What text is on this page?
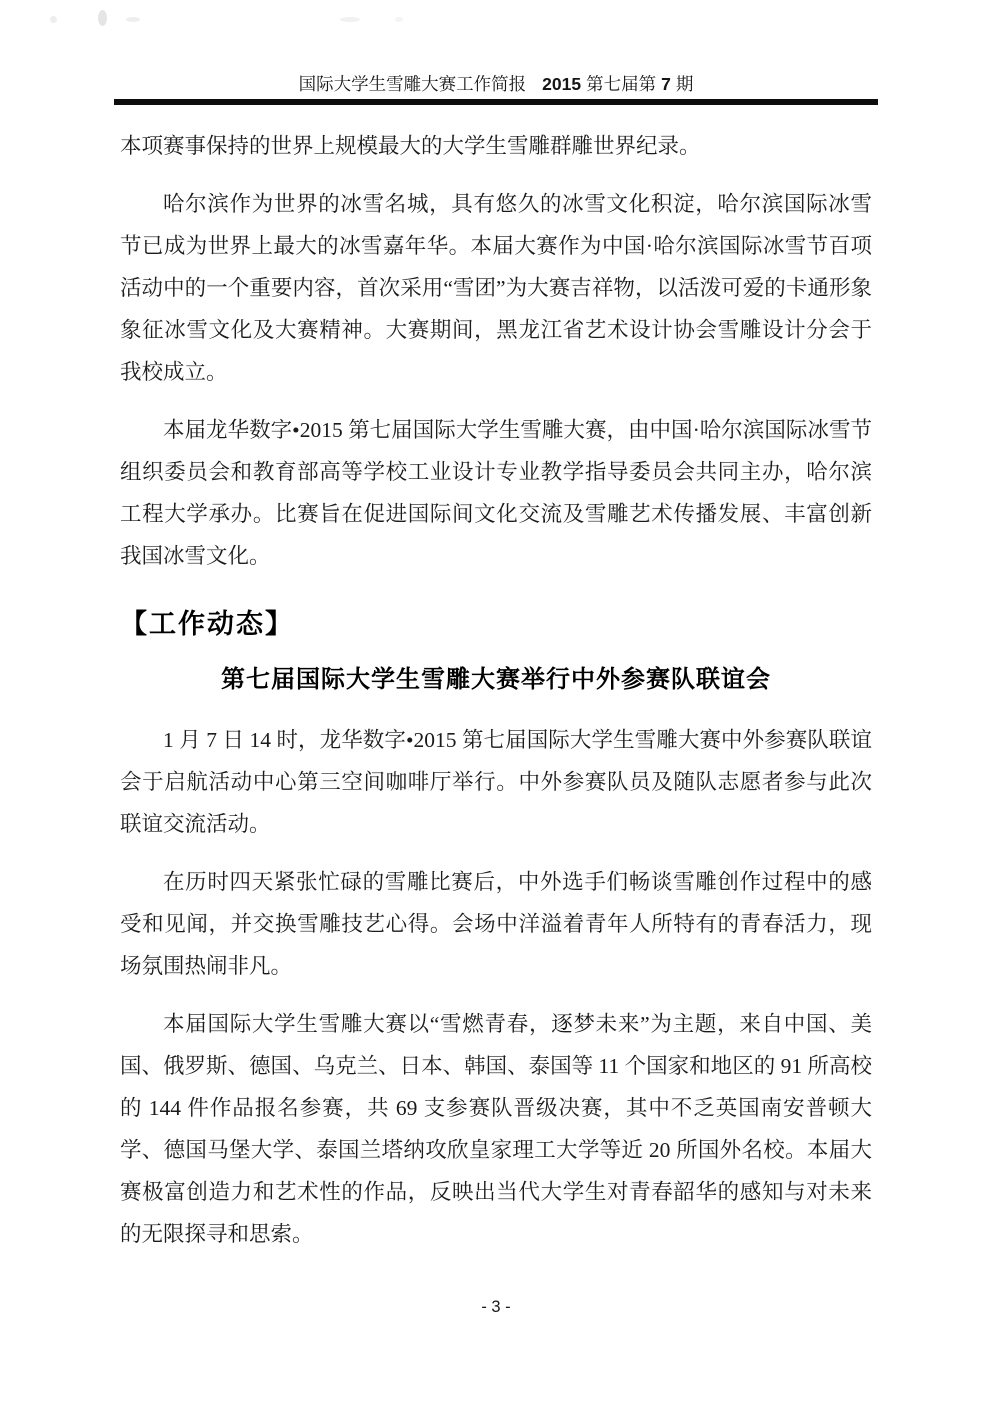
国际大学生雪雕大赛工作简报 2015 第七届第 7 期

本项赛事保持的世界上规模最大的大学生雪雕群雕世界纪录。

哈尔滨作为世界的冰雪名城，具有悠久的冰雪文化积淀，哈尔滨国际冰雪节已成为世界上最大的冰雪嘉年华。本届大赛作为中国·哈尔滨国际冰雪节百项活动中的一个重要内容，首次采用“雪团”为大赛吉祥物，以活泼可爱的卡通形象象征冰雪文化及大赛精神。大赛期间，黑龙江省艺术设计协会雪雕设计分会于我校成立。

本届龙华数字•2015 第七届国际大学生雪雕大赛，由中国·哈尔滨国际冰雪节组织委员会和教育部高等学校工业设计专业教学指导委员会共同主办，哈尔滨工程大学承办。比赛旨在促进国际间文化交流及雪雕艺术传播发展、丰富创新我国冰雪文化。

【工作动态】
第七届国际大学生雪雕大赛举行中外参赛队联谊会

1 月 7 日 14 时，龙华数字•2015 第七届国际大学生雪雕大赛中外参赛队联谊会于启航活动中心第三空间咖啡厅举行。中外参赛队员及随队志愿者参与此次联谊交流活动。

在历时四天紧张忙碌的雪雕比赛后，中外选手们畅谈雪雕创作过程中的感受和见闻，并交换雪雕技艺心得。会场中洋溢着青年人所特有的青春活力，现场氛围热闹非凡。

本届国际大学生雪雕大赛以“雪燃青春，逐梦未来”为主题，来自中国、美国、俄罗斯、德国、乌克兰、日本、韩国、泰国等 11 个国家和地区的 91 所高校的 144 件作品报名参赛，共 69 支参赛队晋级决赛，其中不乏英国南安普顿大学、德国马堡大学、泰国兰塔纳攻欣皇家理工大学等近 20 所国外名校。本届大赛极富创造力和艺术性的作品，反映出当代大学生对青春韶华的感知与对未来的无限探寻和思索。

- 3 -
